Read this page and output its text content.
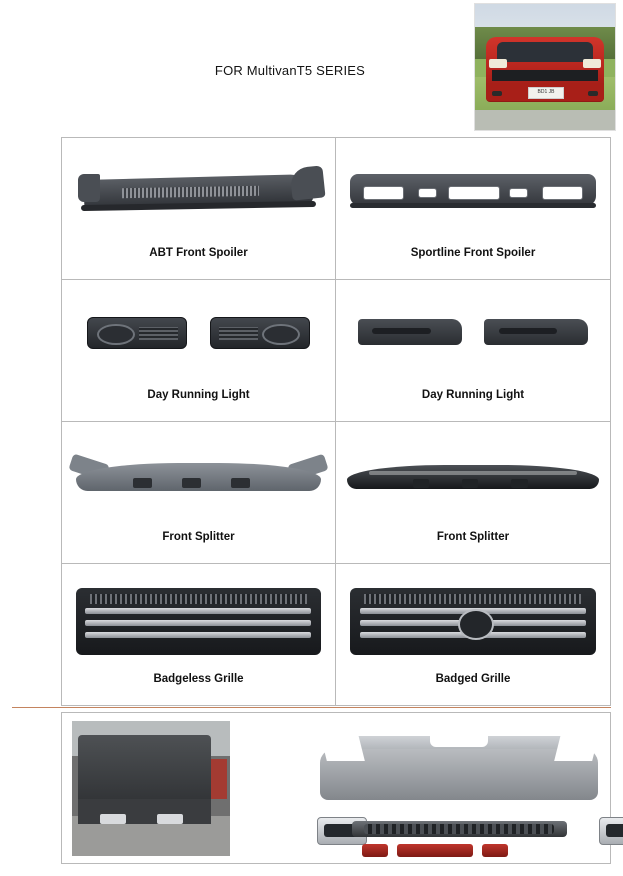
FOR MultivanT5 SERIES
BD1 JB
ABT Front Spoiler	Sportline Front Spoiler
Day Running Light	Day Running Light
Front Splitter	Front Splitter
Badgeless Grille	Badged Grille
